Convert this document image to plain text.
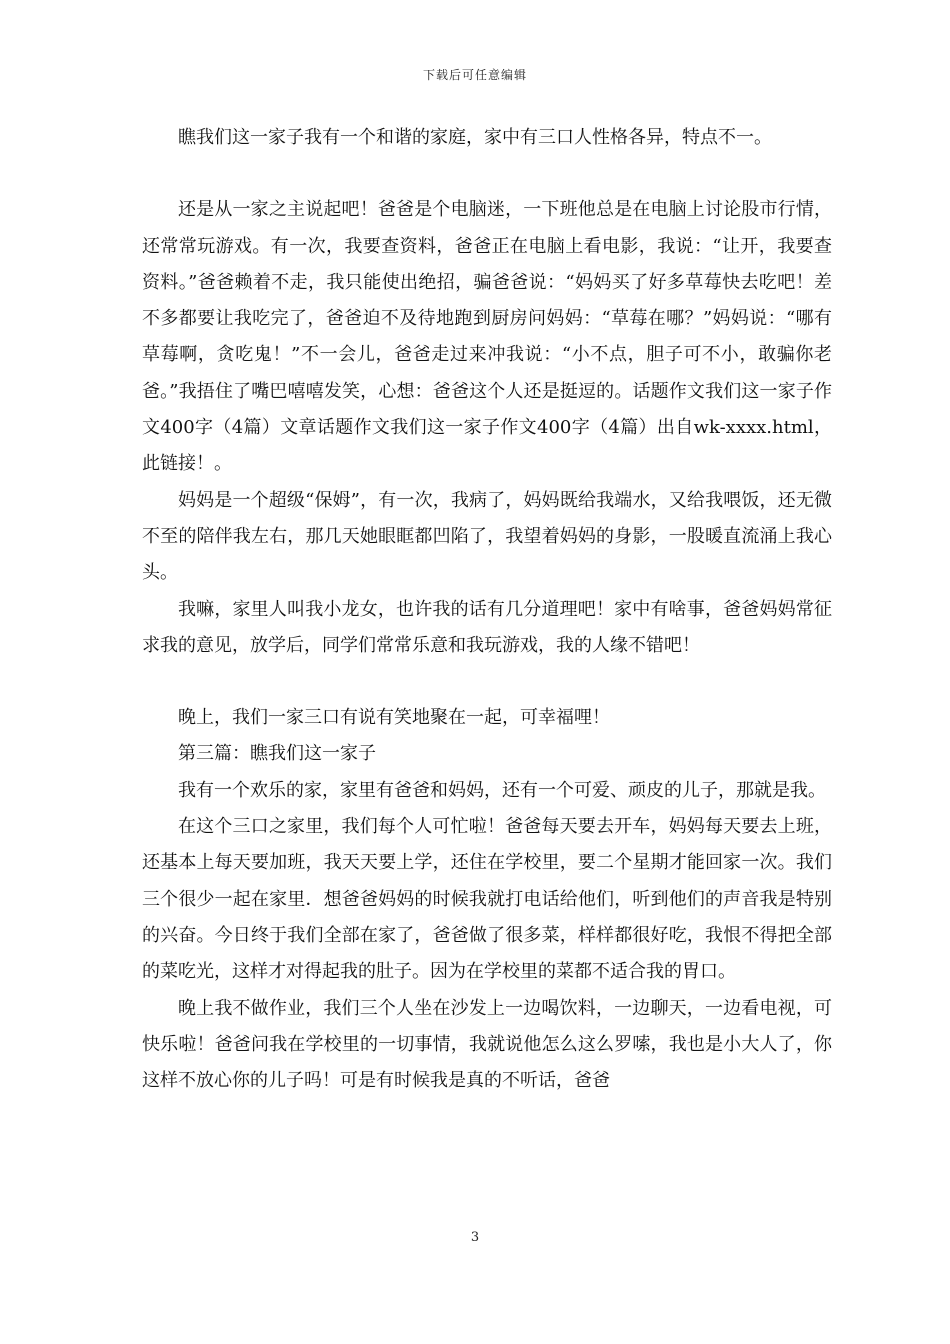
下载后可任意编辑

瞧我们这一家子我有一个和谐的家庭，家中有三口人性格各异，特点不一。

还是从一家之主说起吧！爸爸是个电脑迷，一下班他总是在电脑上讨论股市行情，还常常玩游戏。有一次，我要查资料，爸爸正在电脑上看电影，我说：“让开，我要查资料。”爸爸赖着不走，我只能使出绝招，骗爸爸说：“妈妈买了好多草莓快去吃吧！差不多都要让我吃完了，爸爸迫不及待地跑到厨房问妈妈：“草莓在哪？”妈妈说：“哪有草莓啊，贪吃鬼！”不一会儿，爸爸走过来冲我说：“小不点，胆子可不小，敢骗你老爸。”我捂住了嘴巴嘻嘻发笑，心想：爸爸这个人还是挺逗的。话题作文我们这一家子作文400字（4篇）文章话题作文我们这一家子作文400字（4篇）出自wk-xxxx.html，此链接！。

妈妈是一个超级“保姆”，有一次，我病了，妈妈既给我端水，又给我喂饭，还无微不至的陪伴我左右，那几天她眼眶都凹陷了，我望着妈妈的身影，一股暖直流涌上我心头。

我嘛，家里人叫我小龙女，也许我的话有几分道理吧！家中有啥事，爸爸妈妈常征求我的意见，放学后，同学们常常乐意和我玩游戏，我的人缘不错吧！

晚上，我们一家三口有说有笑地聚在一起，可幸福哩！

第三篇：瞧我们这一家子

我有一个欢乐的家，家里有爸爸和妈妈，还有一个可爱、顽皮的儿子，那就是我。

在这个三口之家里，我们每个人可忙啦！爸爸每天要去开车，妈妈每天要去上班，还基本上每天要加班，我天天要上学，还住在学校里，要二个星期才能回家一次。我们三个很少一起在家里．想爸爸妈妈的时候我就打电话给他们，听到他们的声音我是特别的兴奋。今日终于我们全部在家了，爸爸做了很多菜，样样都很好吃，我恨不得把全部的菜吃光，这样才对得起我的肚子。因为在学校里的菜都不适合我的胃口。

晚上我不做作业，我们三个人坐在沙发上一边喝饮料，一边聊天，一边看电视，可快乐啦！爸爸问我在学校里的一切事情，我就说他怎么这么罗嗦，我也是小大人了，你这样不放心你的儿子吗！可是有时候我是真的不听话，爸爸

3
